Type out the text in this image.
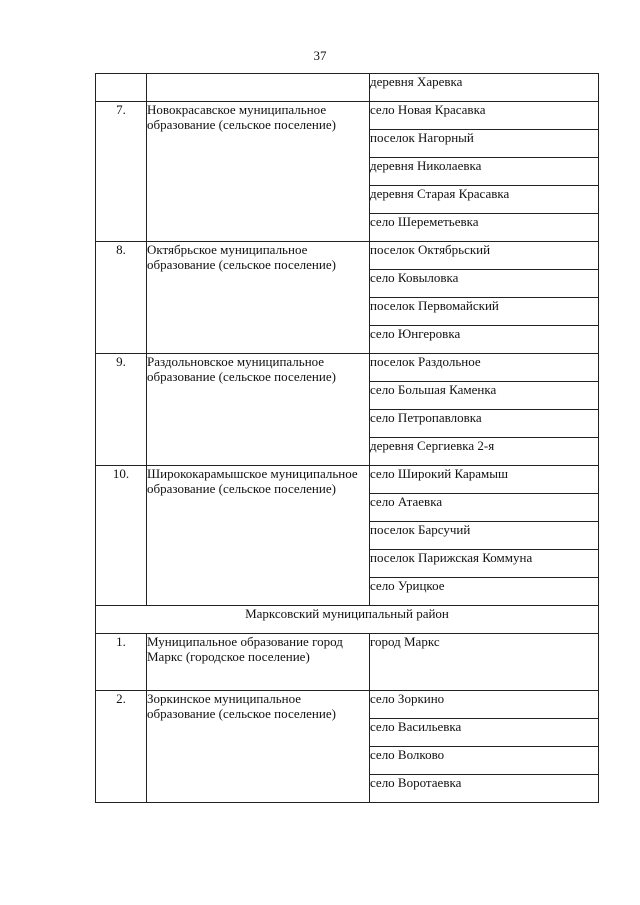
37
		деревня Харевка
7.	Новокрасавское муниципальное образование (сельское поселение)	село Новая Красавка
		поселок Нагорный
		деревня Николаевка
		деревня Старая Красавка
		село Шереметьевка
8.	Октябрьское муниципальное образование (сельское поселение)	поселок Октябрьский
		село Ковыловка
		поселок Первомайский
		село Юнгеровка
9.	Раздольновское муниципальное образование (сельское поселение)	поселок Раздольное
		село Большая Каменка
		село Петропавловка
		деревня Сергиевка 2-я
10.	Ширококарамышское муниципальное образование (сельское поселение)	село Широкий Карамыш
		село Атаевка
		поселок Барсучий
		поселок Парижская Коммуна
		село Урицкое
Марксовский муниципальный район		
1.	Муниципальное образование город Маркс (городское поселение)	город Маркс
2.	Зоркинское муниципальное образование (сельское поселение)	село Зоркино
		село Васильевка
		село Волково
		село Воротаевка
